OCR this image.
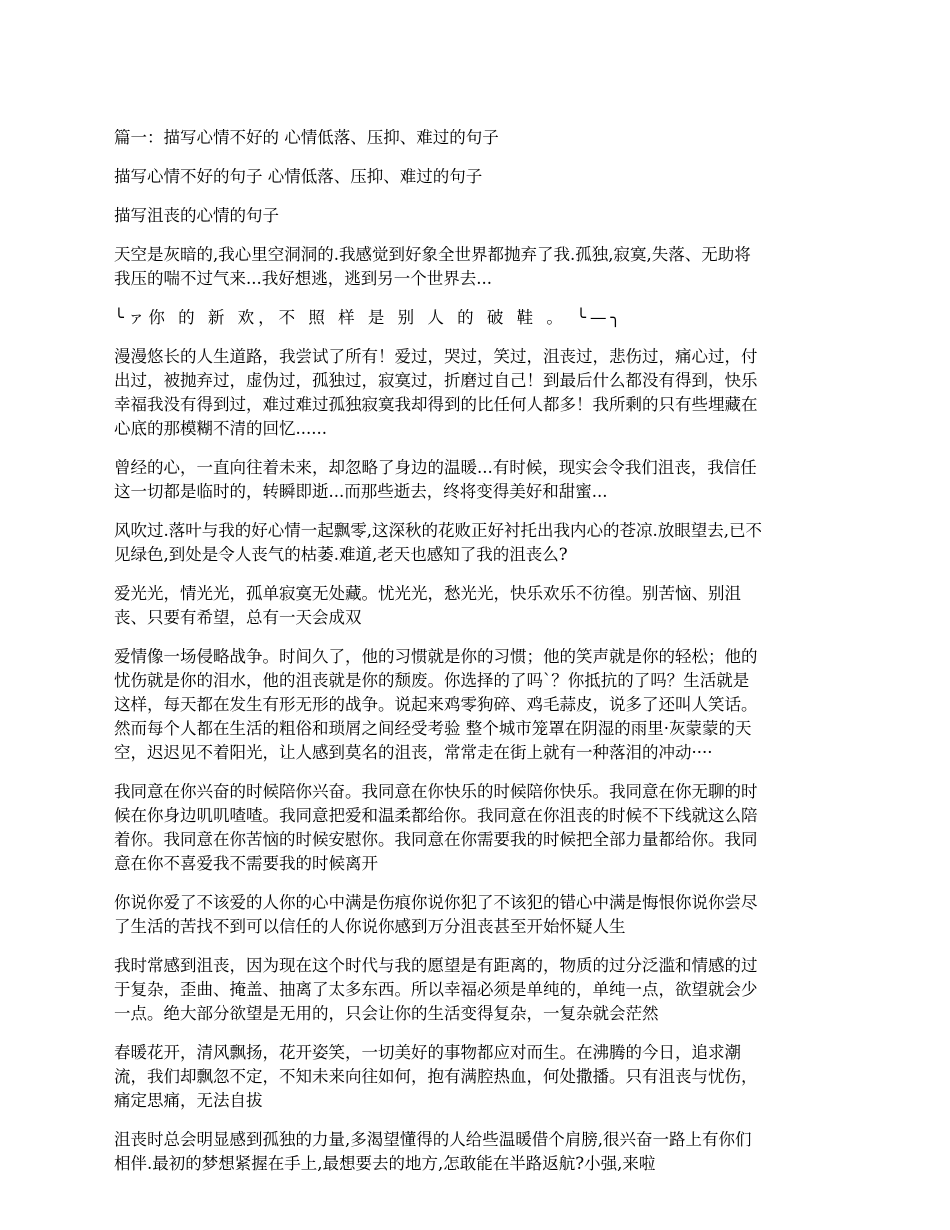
篇一：描写心情不好的 心情低落、压抑、难过的句子
描写心情不好的句子 心情低落、压抑、难过的句子
描写沮丧的心情的句子
天空是灰暗的,我心里空洞洞的.我感觉到好象全世界都抛弃了我.孤独,寂寞,失落、无助将
我压的喘不过气来...我好想逃，逃到另一个世界去...
╰ァ你 的 新 欢，不 照 样 是 别 人 的 破 鞋 。 ╰—╮
漫漫悠长的人生道路，我尝试了所有！爱过，哭过，笑过，沮丧过，悲伤过，痛心过，付
出过，被抛弃过，虚伪过，孤独过，寂寞过，折磨过自己！到最后什么都没有得到，快乐
幸福我没有得到过，难过难过孤独寂寞我却得到的比任何人都多！我所剩的只有些埋藏在
心底的那模糊不清的回忆......
曾经的心，一直向往着未来，却忽略了身边的温暖...有时候，现实会令我们沮丧，我信任
这一切都是临时的，转瞬即逝...而那些逝去，终将变得美好和甜蜜...
风吹过.落叶与我的好心情一起飘零,这深秋的花败正好衬托出我内心的苍凉.放眼望去,已不
见绿色,到处是令人丧气的枯萎.难道,老天也感知了我的沮丧么?
爱光光，情光光，孤单寂寞无处藏。忧光光，愁光光，快乐欢乐不彷徨。别苦恼、别沮
丧、只要有希望，总有一天会成双
爱情像一场侵略战争。时间久了，他的习惯就是你的习惯；他的笑声就是你的轻松；他的
忧伤就是你的泪水，他的沮丧就是你的颓废。你选择的了吗`？你抵抗的了吗？生活就是
这样，每天都在发生有形无形的战争。说起来鸡零狗碎、鸡毛蒜皮，说多了还叫人笑话。
然而每个人都在生活的粗俗和琐屑之间经受考验 整个城市笼罩在阴湿的雨里·灰蒙蒙的天
空，迟迟见不着阳光，让人感到莫名的沮丧，常常走在街上就有一种落泪的冲动····
我同意在你兴奋的时候陪你兴奋。我同意在你快乐的时候陪你快乐。我同意在你无聊的时
候在你身边叽叽喳喳。我同意把爱和温柔都给你。我同意在你沮丧的时候不下线就这么陪
着你。我同意在你苦恼的时候安慰你。我同意在你需要我的时候把全部力量都给你。我同
意在你不喜爱我不需要我的时候离开
你说你爱了不该爱的人你的心中满是伤痕你说你犯了不该犯的错心中满是悔恨你说你尝尽
了生活的苦找不到可以信任的人你说你感到万分沮丧甚至开始怀疑人生
我时常感到沮丧，因为现在这个时代与我的愿望是有距离的，物质的过分泛滥和情感的过
于复杂，歪曲、掩盖、抽离了太多东西。所以幸福必须是单纯的，单纯一点，欲望就会少
一点。绝大部分欲望是无用的，只会让你的生活变得复杂，一复杂就会茫然
春暖花开，清风飘扬，花开姿笑，一切美好的事物都应对而生。在沸腾的今日，追求潮
流，我们却飘忽不定，不知未来向往如何，抱有满腔热血，何处撒播。只有沮丧与忧伤，
痛定思痛，无法自拔
沮丧时总会明显感到孤独的力量,多渴望懂得的人给些温暖借个肩膀,很兴奋一路上有你们
相伴.最初的梦想紧握在手上,最想要去的地方,怎敢能在半路返航?小强,来啦
